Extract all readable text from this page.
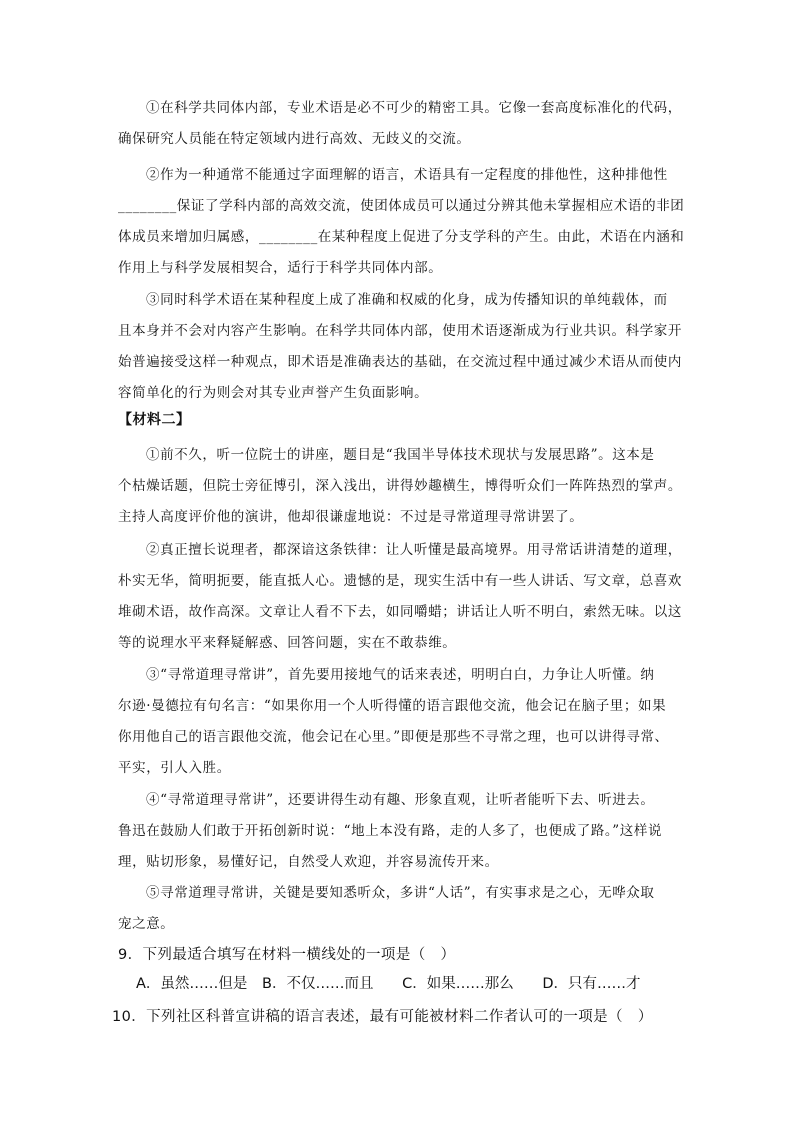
①在科学共同体内部，专业术语是必不可少的精密工具。它像一套高度标准化的代码，
确保研究人员能在特定领域内进行高效、无歧义的交流。
②作为一种通常不能通过字面理解的语言，术语具有一定程度的排他性，这种排他性
________保证了学科内部的高效交流，使团体成员可以通过分辨其他未掌握相应术语的非团
体成员来增加归属感，________在某种程度上促进了分支学科的产生。由此，术语在内涵和
作用上与科学发展相契合，适行于科学共同体内部。
③同时科学术语在某种程度上成了准确和权威的化身，成为传播知识的单纯载体，而
且本身并不会对内容产生影响。在科学共同体内部，使用术语逐渐成为行业共识。科学家开
始普遍接受这样一种观点，即术语是准确表达的基础，在交流过程中通过减少术语从而使内
容简单化的行为则会对其专业声誉产生负面影响。
【材料二】
①前不久，听一位院士的讲座，题目是“我国半导体技术现状与发展思路”。这本是
个枯燥话题，但院士旁征博引，深入浅出，讲得妙趣横生，博得听众们一阵阵热烈的掌声。
主持人高度评价他的演讲，他却很谦虚地说：不过是寻常道理寻常讲罢了。
②真正擅长说理者，都深谙这条铁律：让人听懂是最高境界。用寻常话讲清楚的道理，
朴实无华，简明扼要，能直抵人心。遗憾的是，现实生活中有一些人讲话、写文章，总喜欢
堆砌术语，故作高深。文章让人看不下去，如同嚼蜡；讲话让人听不明白，索然无味。以这
等的说理水平来释疑解惑、回答问题，实在不敢恭维。
③“寻常道理寻常讲”，首先要用接地气的话来表述，明明白白，力争让人听懂。纳
尔逊·曼德拉有句名言：“如果你用一个人听得懂的语言跟他交流，他会记在脑子里；如果
你用他自己的语言跟他交流，他会记在心里。”即便是那些不寻常之理，也可以讲得寻常、
平实，引人入胜。
④“寻常道理寻常讲”，还要讲得生动有趣、形象直观，让听者能听下去、听进去。
鲁迅在鼓励人们敢于开拓创新时说：“地上本没有路，走的人多了，也便成了路。”这样说
理，贴切形象，易懂好记，自然受人欢迎，并容易流传开来。
⑤寻常道理寻常讲，关键是要知悉听众，多讲“人话”，有实事求是之心，无哗众取
宠之意。
9．下列最适合填写在材料一横线处的一项是（　）
A．虽然……但是 B．不仅……而且 C．如果……那么 D．只有……才
10．下列社区科普宣讲稿的语言表述，最有可能被材料二作者认可的一项是（　）
